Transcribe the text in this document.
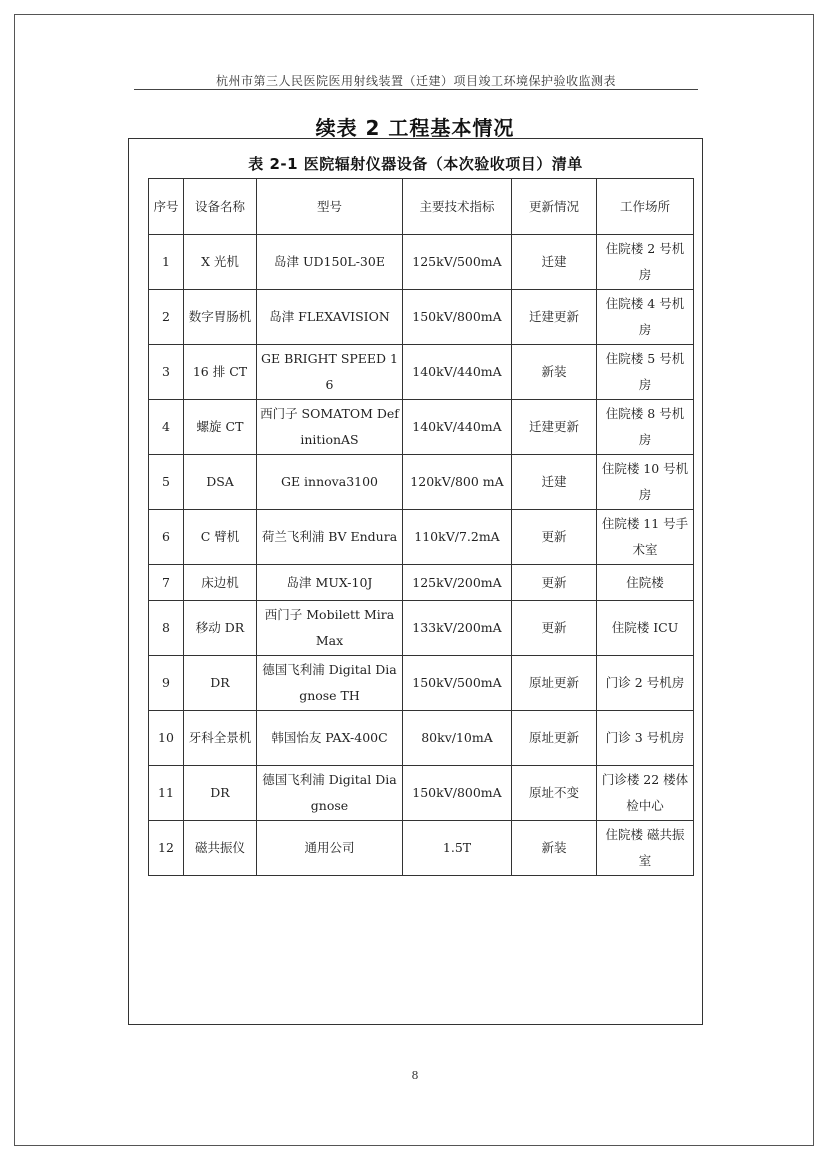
杭州市第三人民医院医用射线装置（迁建）项目竣工环境保护验收监测表
续表 2 工程基本情况
表 2-1 医院辐射仪器设备（本次验收项目）清单
序号	设备名称	型号	主要技术指标	更新情况	工作场所
1	X 光机	岛津 UD150L-30E	125kV/500mA	迁建	住院楼 2 号机房
2	数字胃肠机	岛津 FLEXAVISION	150kV/800mA	迁建更新	住院楼 4 号机房
3	16 排 CT	GE BRIGHT SPEED 16	140kV/440mA	新装	住院楼 5 号机房
4	螺旋 CT	西门子 SOMATOM DefinitionAS	140kV/440mA	迁建更新	住院楼 8 号机房
5	DSA	GE innova3100	120kV/800 mA	迁建	住院楼 10 号机房
6	C 臂机	荷兰飞利浦 BV Endura	110kV/7.2mA	更新	住院楼 11 号手术室
7	床边机	岛津 MUX-10J	125kV/200mA	更新	住院楼
8	移动 DR	西门子 Mobilett Mira Max	133kV/200mA	更新	住院楼 ICU
9	DR	德国飞利浦 Digital Diagnose TH	150kV/500mA	原址更新	门诊 2 号机房
10	牙科全景机	韩国怡友 PAX-400C	80kv/10mA	原址更新	门诊 3 号机房
11	DR	德国飞利浦 Digital Diagnose	150kV/800mA	原址不变	门诊楼 22 楼体检中心
12	磁共振仪	通用公司	1.5T	新装	住院楼 磁共振室
8
